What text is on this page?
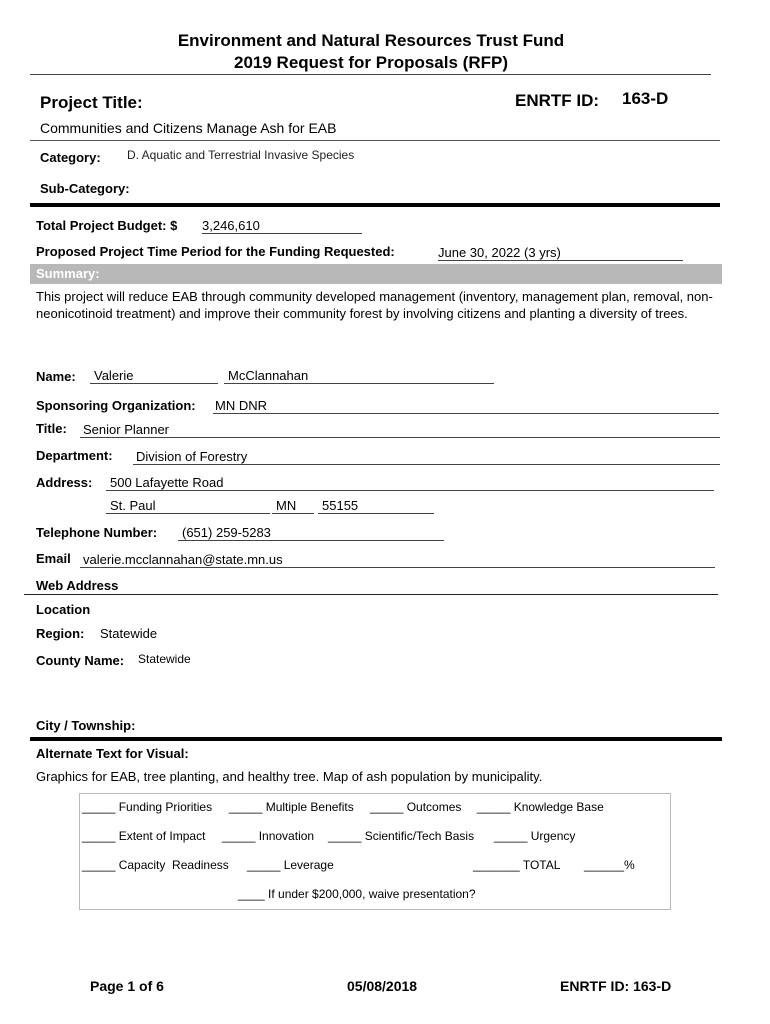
Environment and Natural Resources Trust Fund
2019 Request for Proposals (RFP)
Project Title:	ENRTF ID: 163-D
Communities and Citizens Manage Ash for EAB
Category: D. Aquatic and Terrestrial Invasive Species
Sub-Category:
Total Project Budget: $ 3,246,610
Proposed Project Time Period for the Funding Requested:	June 30, 2022 (3 yrs)
Summary:
This project will reduce EAB through community developed management (inventory, management plan, removal, non-neonicotinoid treatment) and improve their community forest by involving citizens and planting a diversity of trees.
Name:	Valerie	McClannahan
Sponsoring Organization: MN DNR
Title: Senior Planner
Department: Division of Forestry
Address:	500 Lafayette Road
St. Paul	MN	55155
Telephone Number:	(651) 259-5283
Email valerie.mcclannahan@state.mn.us
Web Address
Location
Region: Statewide
County Name: Statewide
City / Township:
Alternate Text for Visual:
Graphics for EAB, tree planting, and healthy tree. Map of ash population by municipality.
_____ Funding Priorities _____ Multiple Benefits _____ Outcomes _____ Knowledge Base
_____ Extent of Impact _____ Innovation _____ Scientific/Tech Basis _____ Urgency
_____ Capacity  Readiness _____ Leverage	_______ TOTAL ______%
____ If under $200,000, waive presentation?
Page 1 of 6	05/08/2018	ENRTF ID: 163-D
